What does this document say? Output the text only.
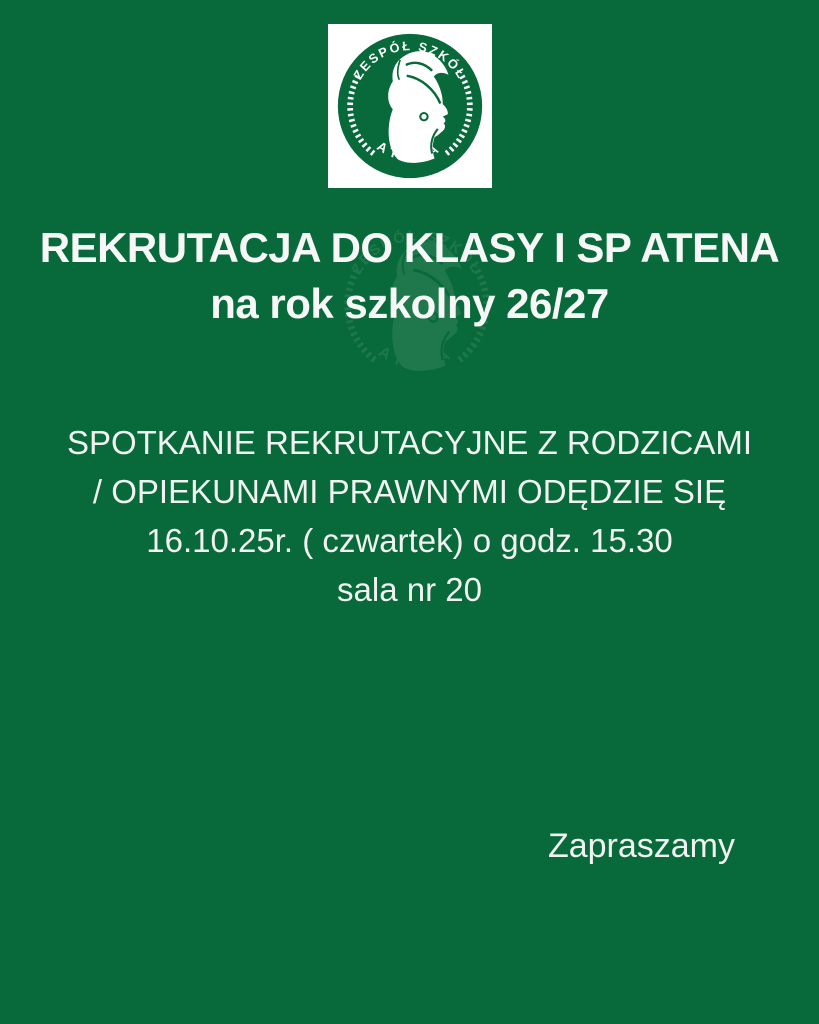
REKRUTACJA DO KLASY I SP ATENA
na rok szkolny 26/27
SPOTKANIE REKRUTACYJNE Z RODZICAMI
/ OPIEKUNAMI PRAWNYMI ODĘDZIE SIĘ
16.10.25r. ( czwartek) o godz. 15.30
sala nr 20
Zapraszamy
